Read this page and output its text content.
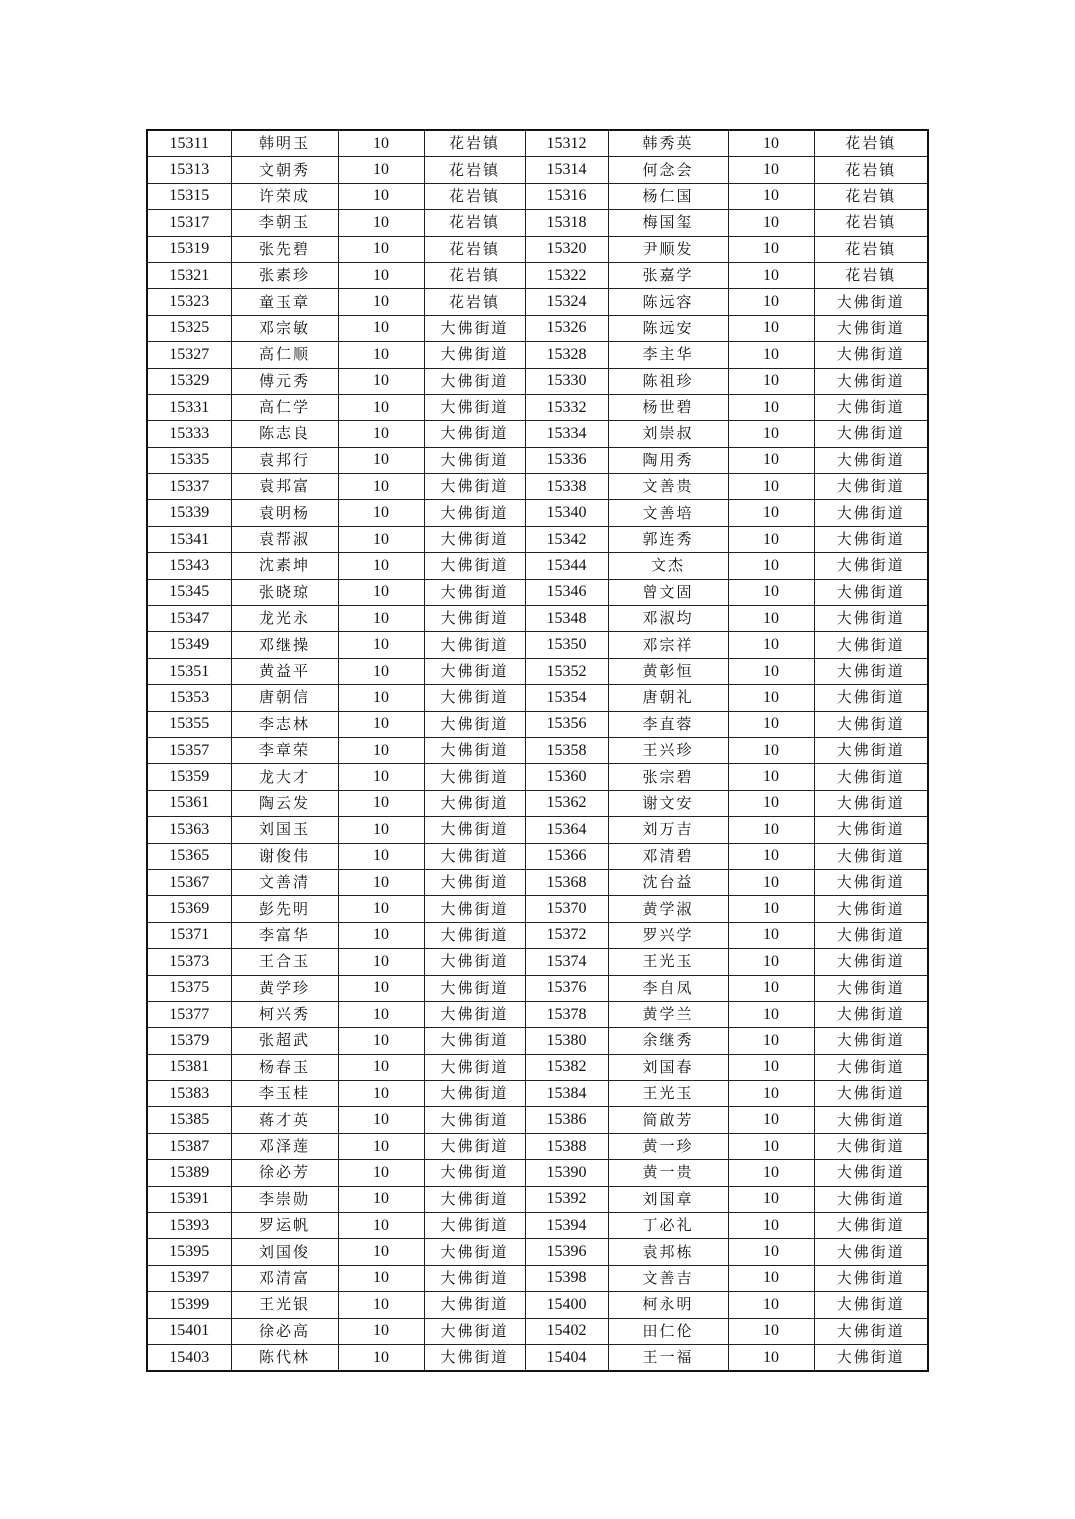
15311	韩明玉	10	花岩镇	15312	韩秀英	10	花岩镇
15313	文朝秀	10	花岩镇	15314	何念会	10	花岩镇
15315	许荣成	10	花岩镇	15316	杨仁国	10	花岩镇
15317	李朝玉	10	花岩镇	15318	梅国玺	10	花岩镇
15319	张先碧	10	花岩镇	15320	尹顺发	10	花岩镇
15321	张素珍	10	花岩镇	15322	张嘉学	10	花岩镇
15323	童玉章	10	花岩镇	15324	陈远容	10	大佛街道
15325	邓宗敏	10	大佛街道	15326	陈远安	10	大佛街道
15327	高仁顺	10	大佛街道	15328	李主华	10	大佛街道
15329	傅元秀	10	大佛街道	15330	陈祖珍	10	大佛街道
15331	高仁学	10	大佛街道	15332	杨世碧	10	大佛街道
15333	陈志良	10	大佛街道	15334	刘崇叔	10	大佛街道
15335	袁邦行	10	大佛街道	15336	陶用秀	10	大佛街道
15337	袁邦富	10	大佛街道	15338	文善贵	10	大佛街道
15339	袁明杨	10	大佛街道	15340	文善培	10	大佛街道
15341	袁帮淑	10	大佛街道	15342	郭连秀	10	大佛街道
15343	沈素坤	10	大佛街道	15344	文杰	10	大佛街道
15345	张晓琼	10	大佛街道	15346	曾文固	10	大佛街道
15347	龙光永	10	大佛街道	15348	邓淑均	10	大佛街道
15349	邓继操	10	大佛街道	15350	邓宗祥	10	大佛街道
15351	黄益平	10	大佛街道	15352	黄彰恒	10	大佛街道
15353	唐朝信	10	大佛街道	15354	唐朝礼	10	大佛街道
15355	李志林	10	大佛街道	15356	李直蓉	10	大佛街道
15357	李章荣	10	大佛街道	15358	王兴珍	10	大佛街道
15359	龙大才	10	大佛街道	15360	张宗碧	10	大佛街道
15361	陶云发	10	大佛街道	15362	谢文安	10	大佛街道
15363	刘国玉	10	大佛街道	15364	刘万吉	10	大佛街道
15365	谢俊伟	10	大佛街道	15366	邓清碧	10	大佛街道
15367	文善清	10	大佛街道	15368	沈台益	10	大佛街道
15369	彭先明	10	大佛街道	15370	黄学淑	10	大佛街道
15371	李富华	10	大佛街道	15372	罗兴学	10	大佛街道
15373	王合玉	10	大佛街道	15374	王光玉	10	大佛街道
15375	黄学珍	10	大佛街道	15376	李自凤	10	大佛街道
15377	柯兴秀	10	大佛街道	15378	黄学兰	10	大佛街道
15379	张超武	10	大佛街道	15380	余继秀	10	大佛街道
15381	杨春玉	10	大佛街道	15382	刘国春	10	大佛街道
15383	李玉桂	10	大佛街道	15384	王光玉	10	大佛街道
15385	蒋才英	10	大佛街道	15386	简啟芳	10	大佛街道
15387	邓泽莲	10	大佛街道	15388	黄一珍	10	大佛街道
15389	徐必芳	10	大佛街道	15390	黄一贵	10	大佛街道
15391	李崇勋	10	大佛街道	15392	刘国章	10	大佛街道
15393	罗运帆	10	大佛街道	15394	丁必礼	10	大佛街道
15395	刘国俊	10	大佛街道	15396	袁邦栋	10	大佛街道
15397	邓清富	10	大佛街道	15398	文善吉	10	大佛街道
15399	王光银	10	大佛街道	15400	柯永明	10	大佛街道
15401	徐必高	10	大佛街道	15402	田仁伦	10	大佛街道
15403	陈代林	10	大佛街道	15404	王一福	10	大佛街道
